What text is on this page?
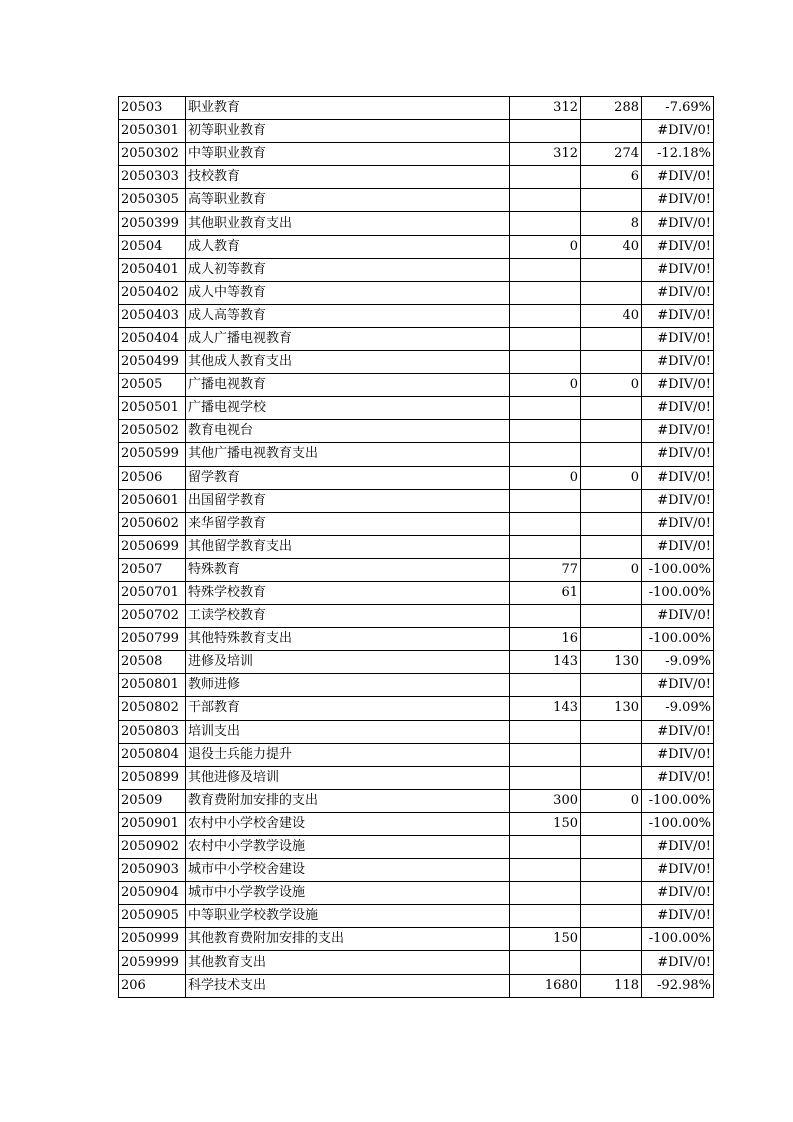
20503	职业教育	312	288	-7.69%
2050301	初等职业教育			#DIV/0!
2050302	中等职业教育	312	274	-12.18%
2050303	技校教育		6	#DIV/0!
2050305	高等职业教育			#DIV/0!
2050399	其他职业教育支出		8	#DIV/0!
20504	成人教育	0	40	#DIV/0!
2050401	成人初等教育			#DIV/0!
2050402	成人中等教育			#DIV/0!
2050403	成人高等教育		40	#DIV/0!
2050404	成人广播电视教育			#DIV/0!
2050499	其他成人教育支出			#DIV/0!
20505	广播电视教育	0	0	#DIV/0!
2050501	广播电视学校			#DIV/0!
2050502	教育电视台			#DIV/0!
2050599	其他广播电视教育支出			#DIV/0!
20506	留学教育	0	0	#DIV/0!
2050601	出国留学教育			#DIV/0!
2050602	来华留学教育			#DIV/0!
2050699	其他留学教育支出			#DIV/0!
20507	特殊教育	77	0	-100.00%
2050701	特殊学校教育	61		-100.00%
2050702	工读学校教育			#DIV/0!
2050799	其他特殊教育支出	16		-100.00%
20508	进修及培训	143	130	-9.09%
2050801	教师进修			#DIV/0!
2050802	干部教育	143	130	-9.09%
2050803	培训支出			#DIV/0!
2050804	退役士兵能力提升			#DIV/0!
2050899	其他进修及培训			#DIV/0!
20509	教育费附加安排的支出	300	0	-100.00%
2050901	农村中小学校舍建设	150		-100.00%
2050902	农村中小学教学设施			#DIV/0!
2050903	城市中小学校舍建设			#DIV/0!
2050904	城市中小学教学设施			#DIV/0!
2050905	中等职业学校教学设施			#DIV/0!
2050999	其他教育费附加安排的支出	150		-100.00%
2059999	其他教育支出			#DIV/0!
206	科学技术支出	1680	118	-92.98%
